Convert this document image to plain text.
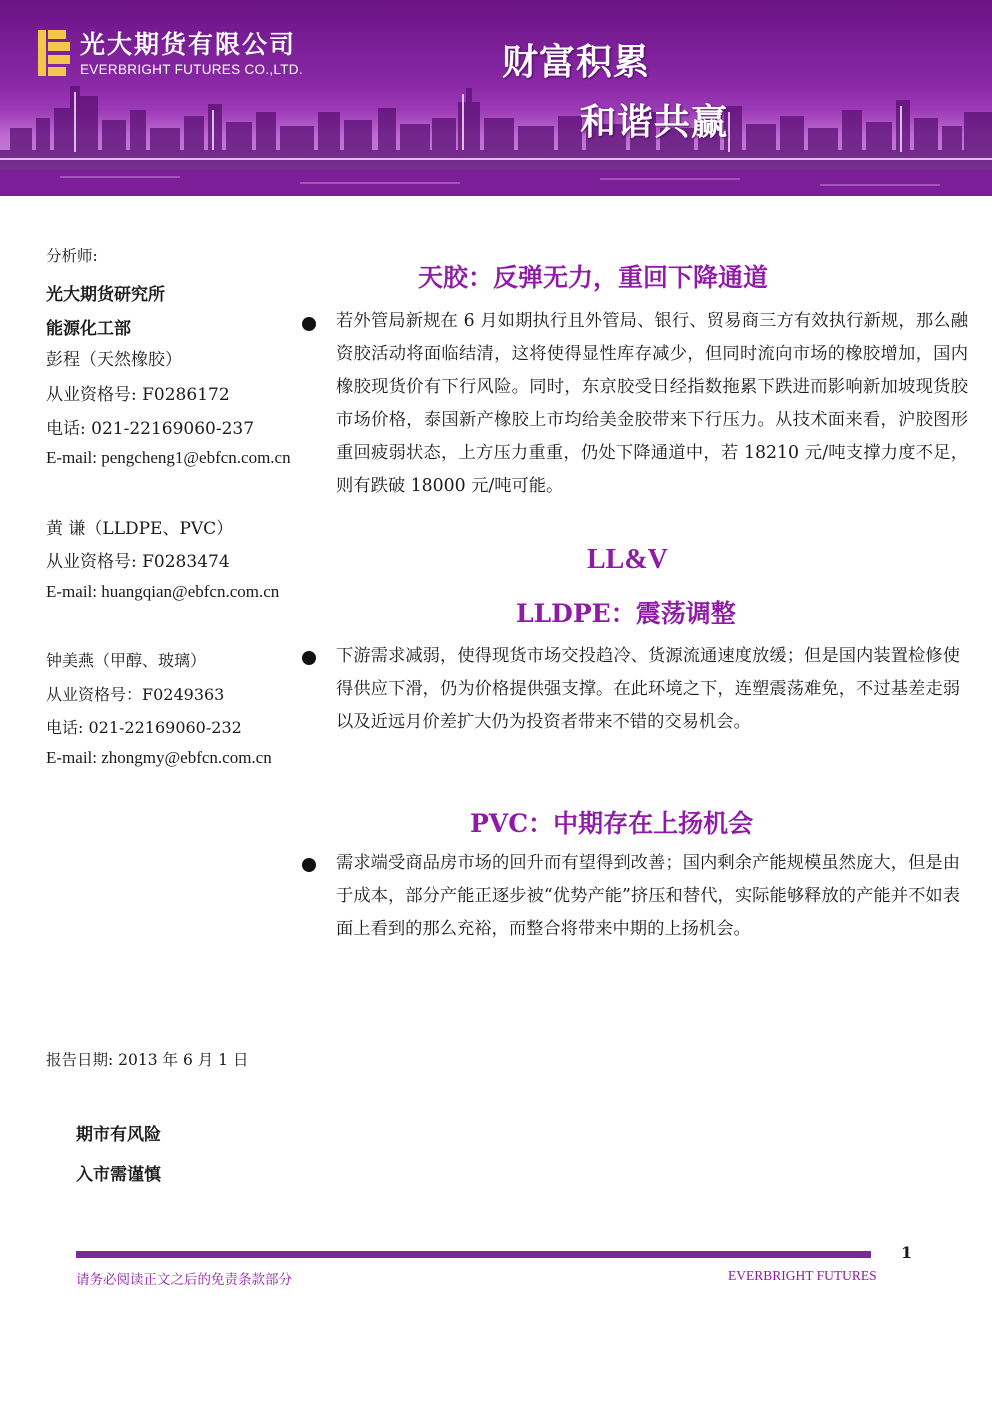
光大期货有限公司
EVERBRIGHT FUTURES CO.,LTD.	财富积累
和谐共赢
分析师:
光大期货研究所
能源化工部
彭程（天然橡胶）
从业资格号: F0286172
电话: 021-22169060-237
E-mail: pengcheng1@ebfcn.com.cn
黄 谦（LLDPE、PVC）
从业资格号: F0283474
E-mail: huangqian@ebfcn.com.cn
钟美燕（甲醇、玻璃）
从业资格号：F0249363
电话: 021-22169060-232
E-mail: zhongmy@ebfcn.com.cn
天胶：反弹无力，重回下降通道
若外管局新规在 6 月如期执行且外管局、银行、贸易商三方有效执行新规，那么融资胶活动将面临结清，这将使得显性库存减少，但同时流向市场的橡胶增加，国内橡胶现货价有下行风险。同时，东京胶受日经指数拖累下跌进而影响新加坡现货胶市场价格，泰国新产橡胶上市均给美金胶带来下行压力。从技术面来看，沪胶图形重回疲弱状态，上方压力重重，仍处下降通道中，若 18210 元/吨支撑力度不足，则有跌破 18000 元/吨可能。
LL&V
LLDPE：震荡调整
下游需求减弱，使得现货市场交投趋冷、货源流通速度放缓；但是国内装置检修使得供应下滑，仍为价格提供强支撑。在此环境之下，连塑震荡难免，不过基差走弱以及近远月价差扩大仍为投资者带来不错的交易机会。
PVC：中期存在上扬机会
需求端受商品房市场的回升而有望得到改善；国内剩余产能规模虽然庞大，但是由于成本，部分产能正逐步被“优势产能”挤压和替代，实际能够释放的产能并不如表面上看到的那么充裕，而整合将带来中期的上扬机会。
报告日期: 2013 年 6 月 1 日
期市有风险
入市需谨慎
1
请务必阅读正文之后的免责条款部分	EVERBRIGHT FUTURES
